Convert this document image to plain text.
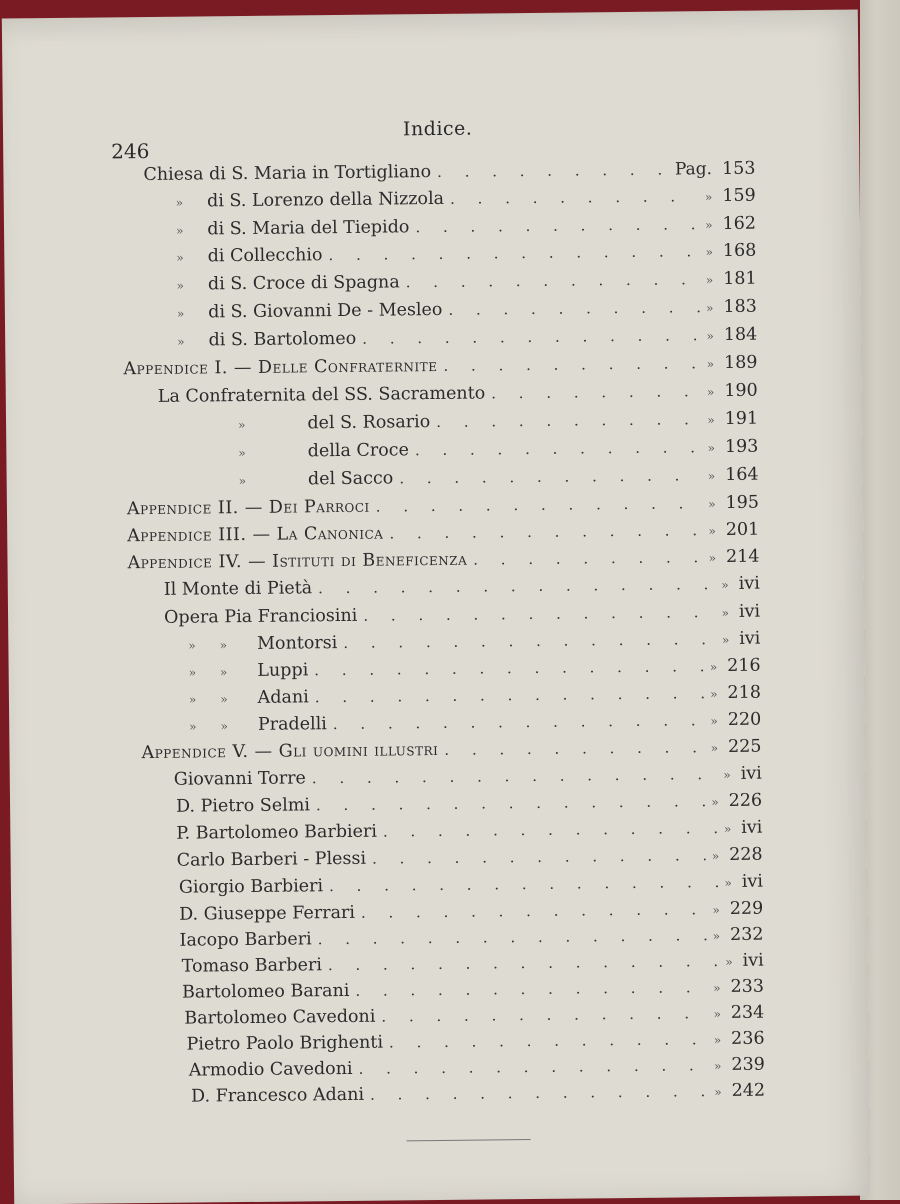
246
Indice.
Chiesa di S. Maria in Tortigliano . . .	Pag. 153
» di S. Lorenzo della Nizzola . . .	» 159
» di S. Maria del Tiepido . . .	» 162
» di Collecchio . . .	» 168
» di S. Croce di Spagna . . .	» 181
» di S. Giovanni De - Mesleo . . .	» 183
» di S. Bartolomeo . . .	» 184
Appendice I. — Delle Confraternite . . .	» 189
La Confraternita del SS. Sacramento . . .	» 190
»	del S. Rosario . . .	» 191
»	della Croce . . .	» 193
»	del Sacco . . .	» 164
Appendice II. — Dei Parroci . . .	» 195
Appendice III. — La Canonica . . .	» 201
Appendice IV. — Istituti di Beneficenza . . .	» 214
Il Monte di Pietà . . .	» ivi
Opera Pia Franciosini . . .	» ivi
» » Montorsi . . .	» ivi
» » Luppi . . .	» 216
» » Adani . . .	» 218
» » Pradelli . . .	» 220
Appendice V. — Gli uomini illustri . . .	» 225
Giovanni Torre . . .	» ivi
D. Pietro Selmi . . .	» 226
P. Bartolomeo Barbieri . . .	» ivi
Carlo Barberi - Plessi . . .	» 228
Giorgio Barbieri . . .	» ivi
D. Giuseppe Ferrari . . .	» 229
Iacopo Barberi . . .	» 232
Tomaso Barberi . . .	» ivi
Bartolomeo Barani . . .	» 233
Bartolomeo Cavedoni . . .	» 234
Pietro Paolo Brighenti . . .	» 236
Armodio Cavedoni . . .	» 239
D. Francesco Adani . . .	» 242
